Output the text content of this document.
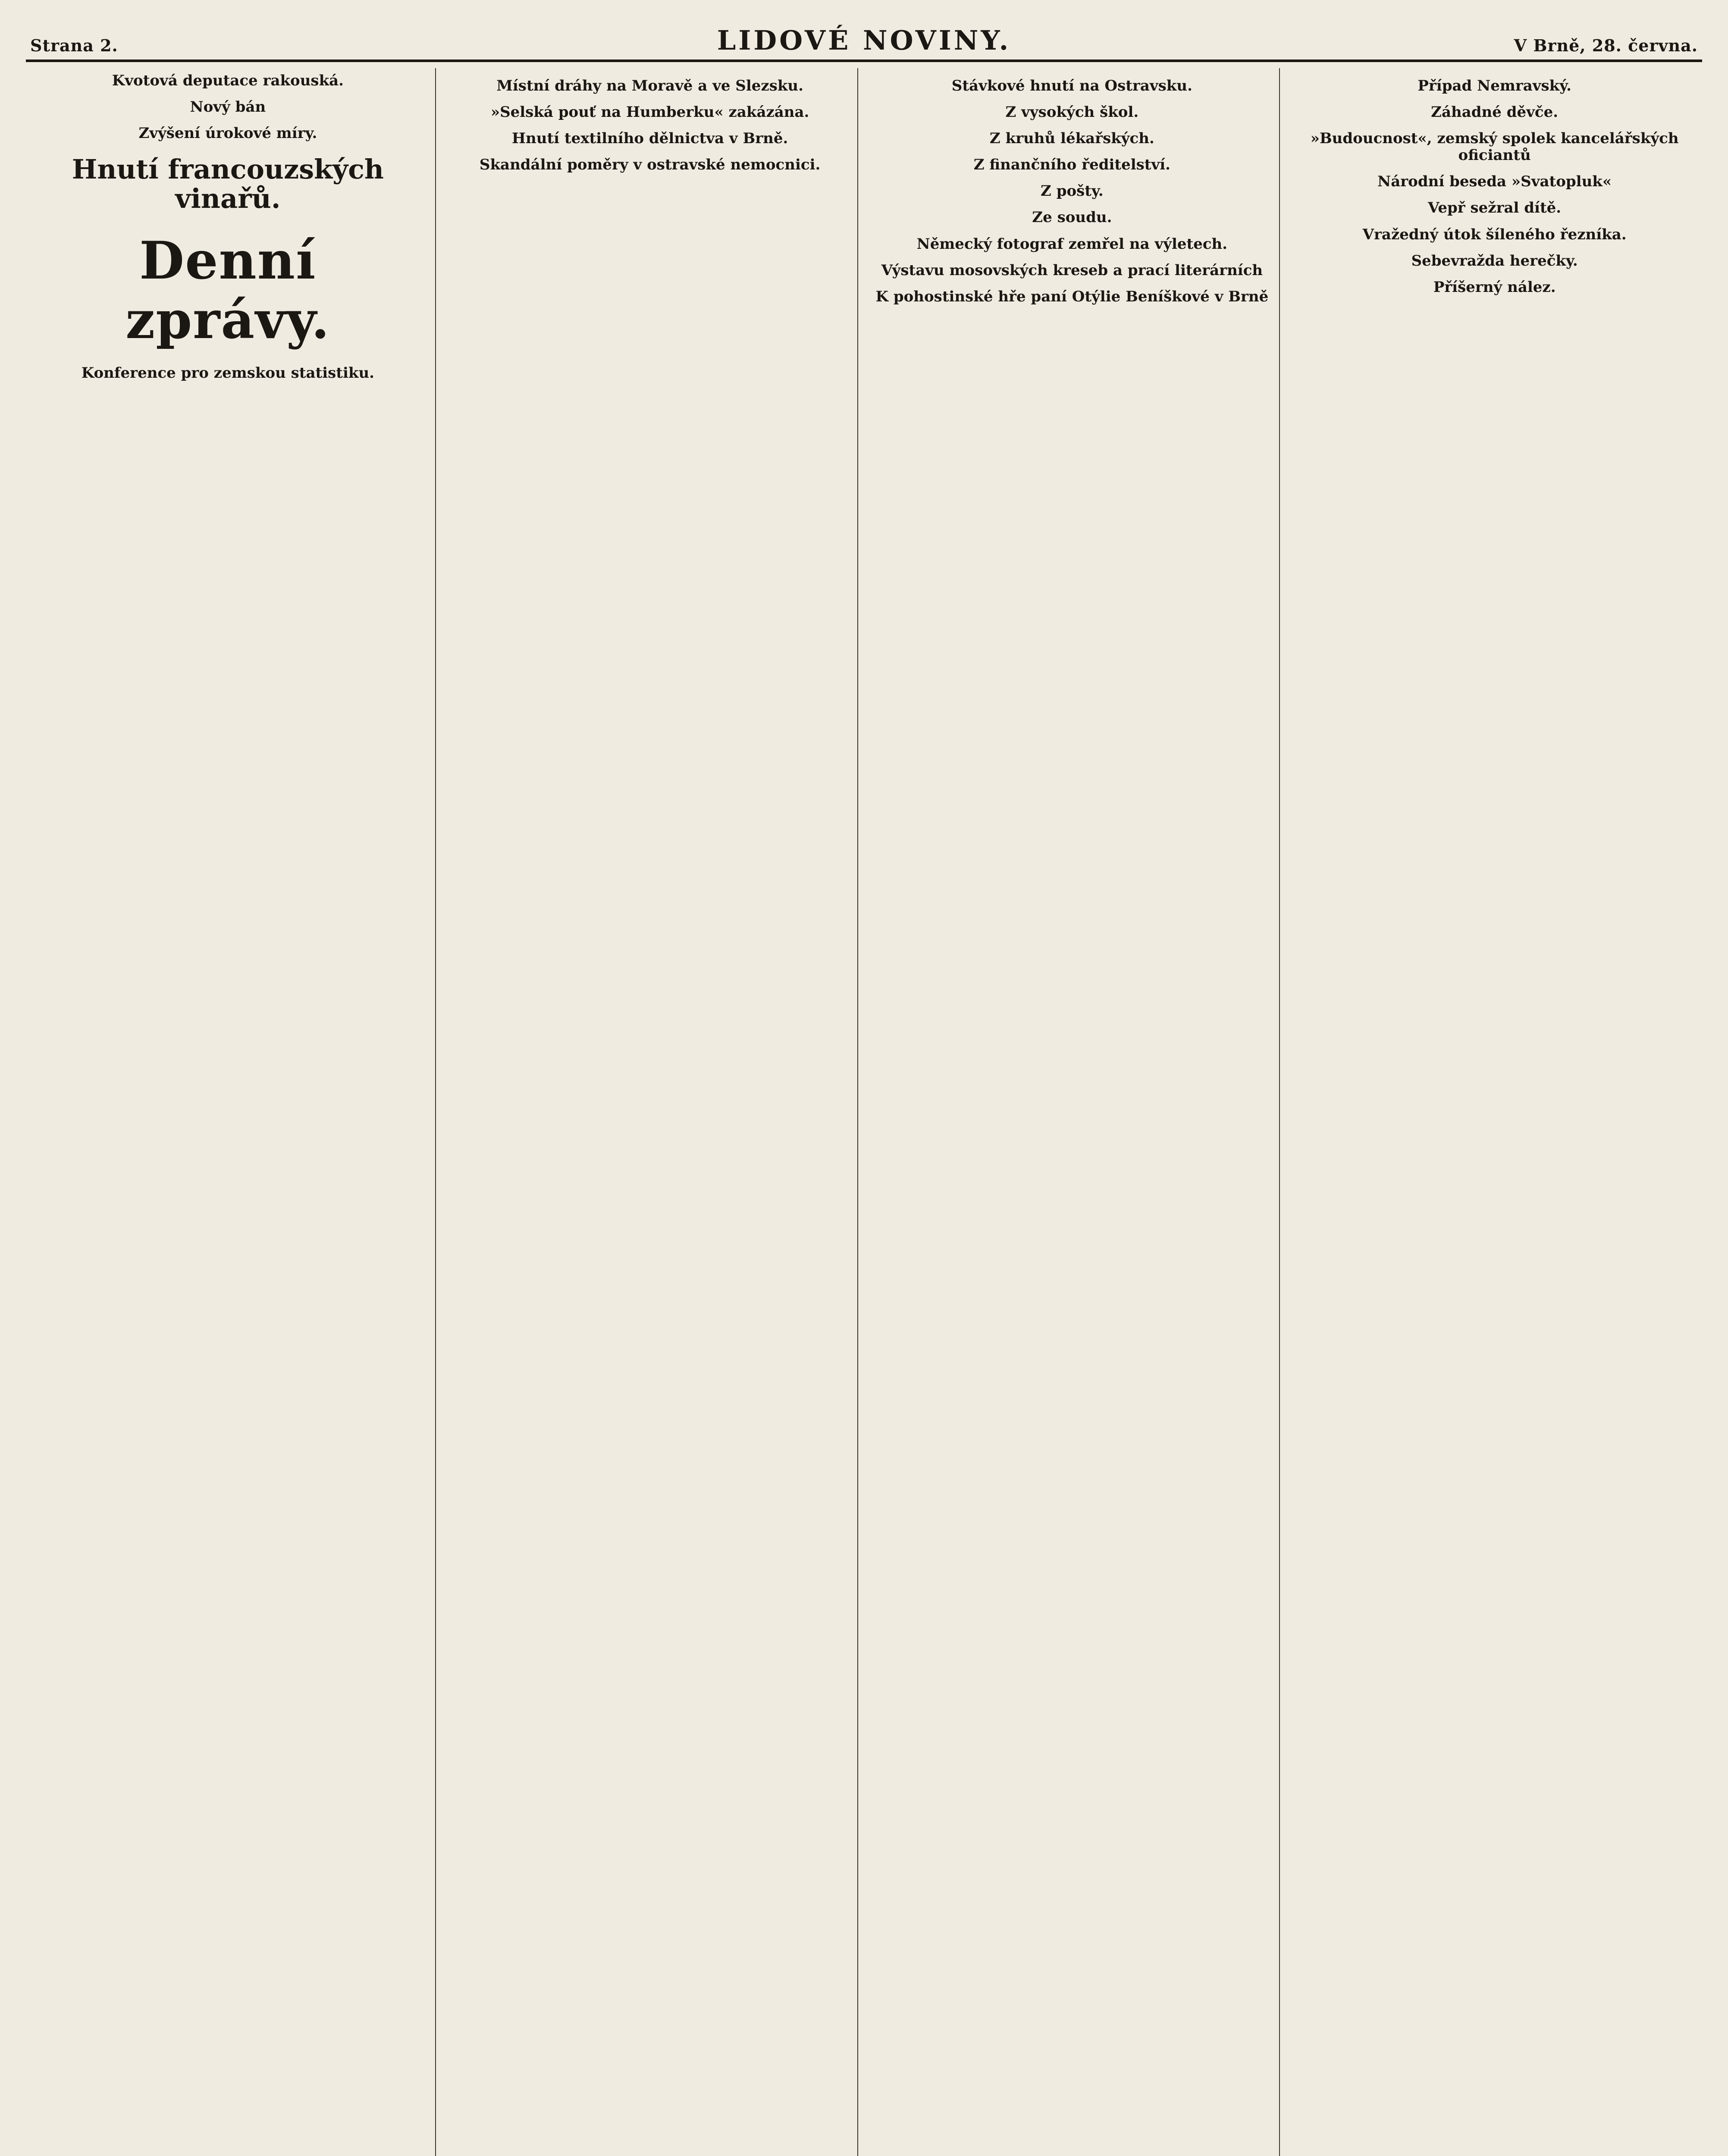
Strana 2.	LIDOVÉ NOVINY.	V Brně, 28. června.
Kvotová deputace rakouská.

Nový bán

Zvýšení úrokové míry.

Hnutí francouzských vinařů.

Denní zprávy.

Konference pro zemskou statistiku.

Místní dráhy na Moravě a ve Slezsku.

»Selská pouť na Humberku« zakázána.

Hnutí textilního dělnictva v Brně.

Skandální poměry v ostravské nemocnici.

Stávkové hnutí na Ostravsku.

Z vysokých škol.

Z kruhů lékařských.

Z finančního ředitelství.

Z pošty.

Ze soudu.

Německý fotograf zemřel na výletech.

Výstavu mosovských kreseb a prací literárních

K pohostinské hře paní Otýlie Beníškové v Brně

Případ Nemravský.

Záhadné děvče.

»Budoucnost«, zemský spolek kancelářských oficiantů

Národní beseda »Svatopluk«

Vepř sežral dítě.

Vražedný útok šíleného řezníka.

Sebevražda herečky.

Příšerný nález.
